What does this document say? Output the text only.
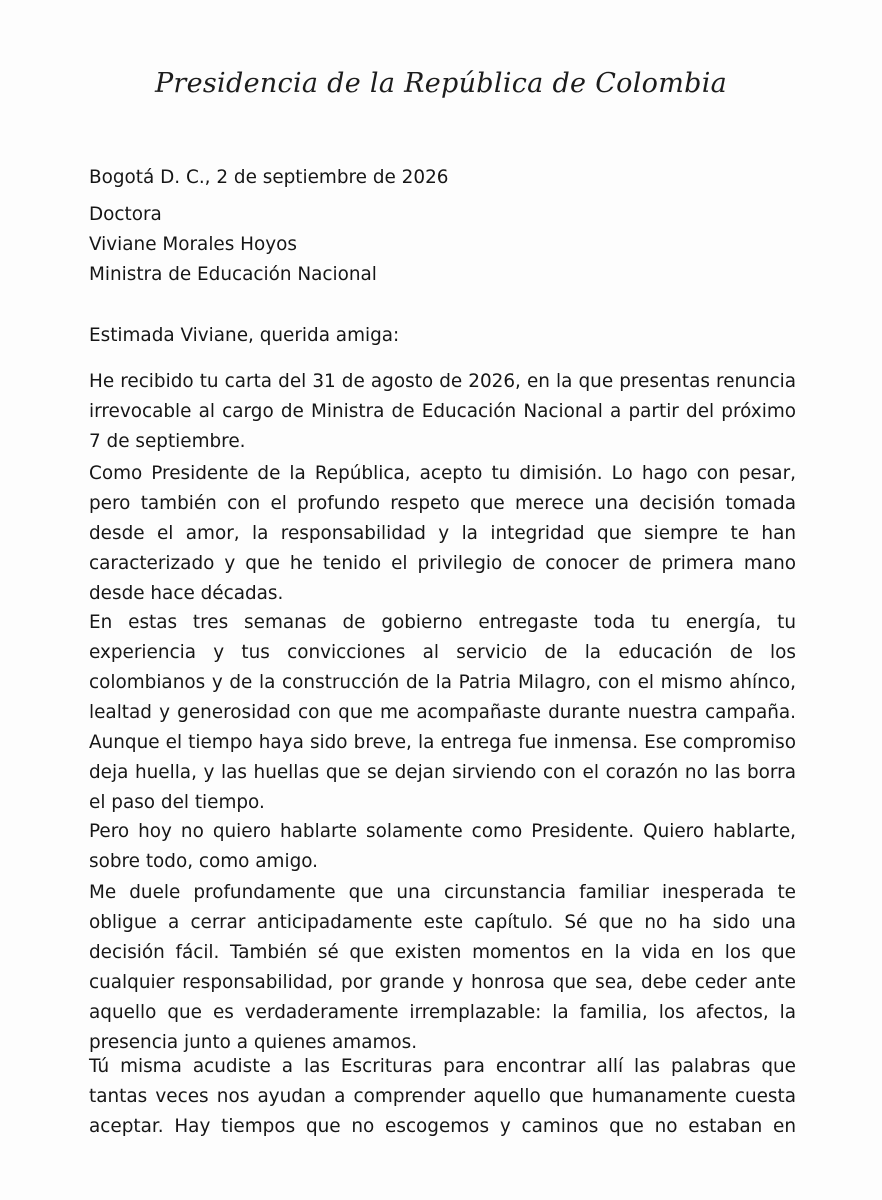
Presidencia de la República de Colombia

Bogotá D. C., 2 de septiembre de 2026

Doctora
Viviane Morales Hoyos
Ministra de Educación Nacional

Estimada Viviane, querida amiga:

He recibido tu carta del 31 de agosto de 2026, en la que presentas renuncia irrevocable al cargo de Ministra de Educación Nacional a partir del próximo 7 de septiembre.

Como Presidente de la República, acepto tu dimisión. Lo hago con pesar, pero también con el profundo respeto que merece una decisión tomada desde el amor, la responsabilidad y la integridad que siempre te han caracterizado y que he tenido el privilegio de conocer de primera mano desde hace décadas.

En estas tres semanas de gobierno entregaste toda tu energía, tu experiencia y tus convicciones al servicio de la educación de los colombianos y de la construcción de la Patria Milagro, con el mismo ahínco, lealtad y generosidad con que me acompañaste durante nuestra campaña. Aunque el tiempo haya sido breve, la entrega fue inmensa. Ese compromiso deja huella, y las huellas que se dejan sirviendo con el corazón no las borra el paso del tiempo.

Pero hoy no quiero hablarte solamente como Presidente. Quiero hablarte, sobre todo, como amigo.

Me duele profundamente que una circunstancia familiar inesperada te obligue a cerrar anticipadamente este capítulo. Sé que no ha sido una decisión fácil. También sé que existen momentos en la vida en los que cualquier responsabilidad, por grande y honrosa que sea, debe ceder ante aquello que es verdaderamente irremplazable: la familia, los afectos, la presencia junto a quienes amamos.

Tú misma acudiste a las Escrituras para encontrar allí las palabras que tantas veces nos ayudan a comprender aquello que humanamente cuesta aceptar. Hay tiempos que no escogemos y caminos que no estaban en
